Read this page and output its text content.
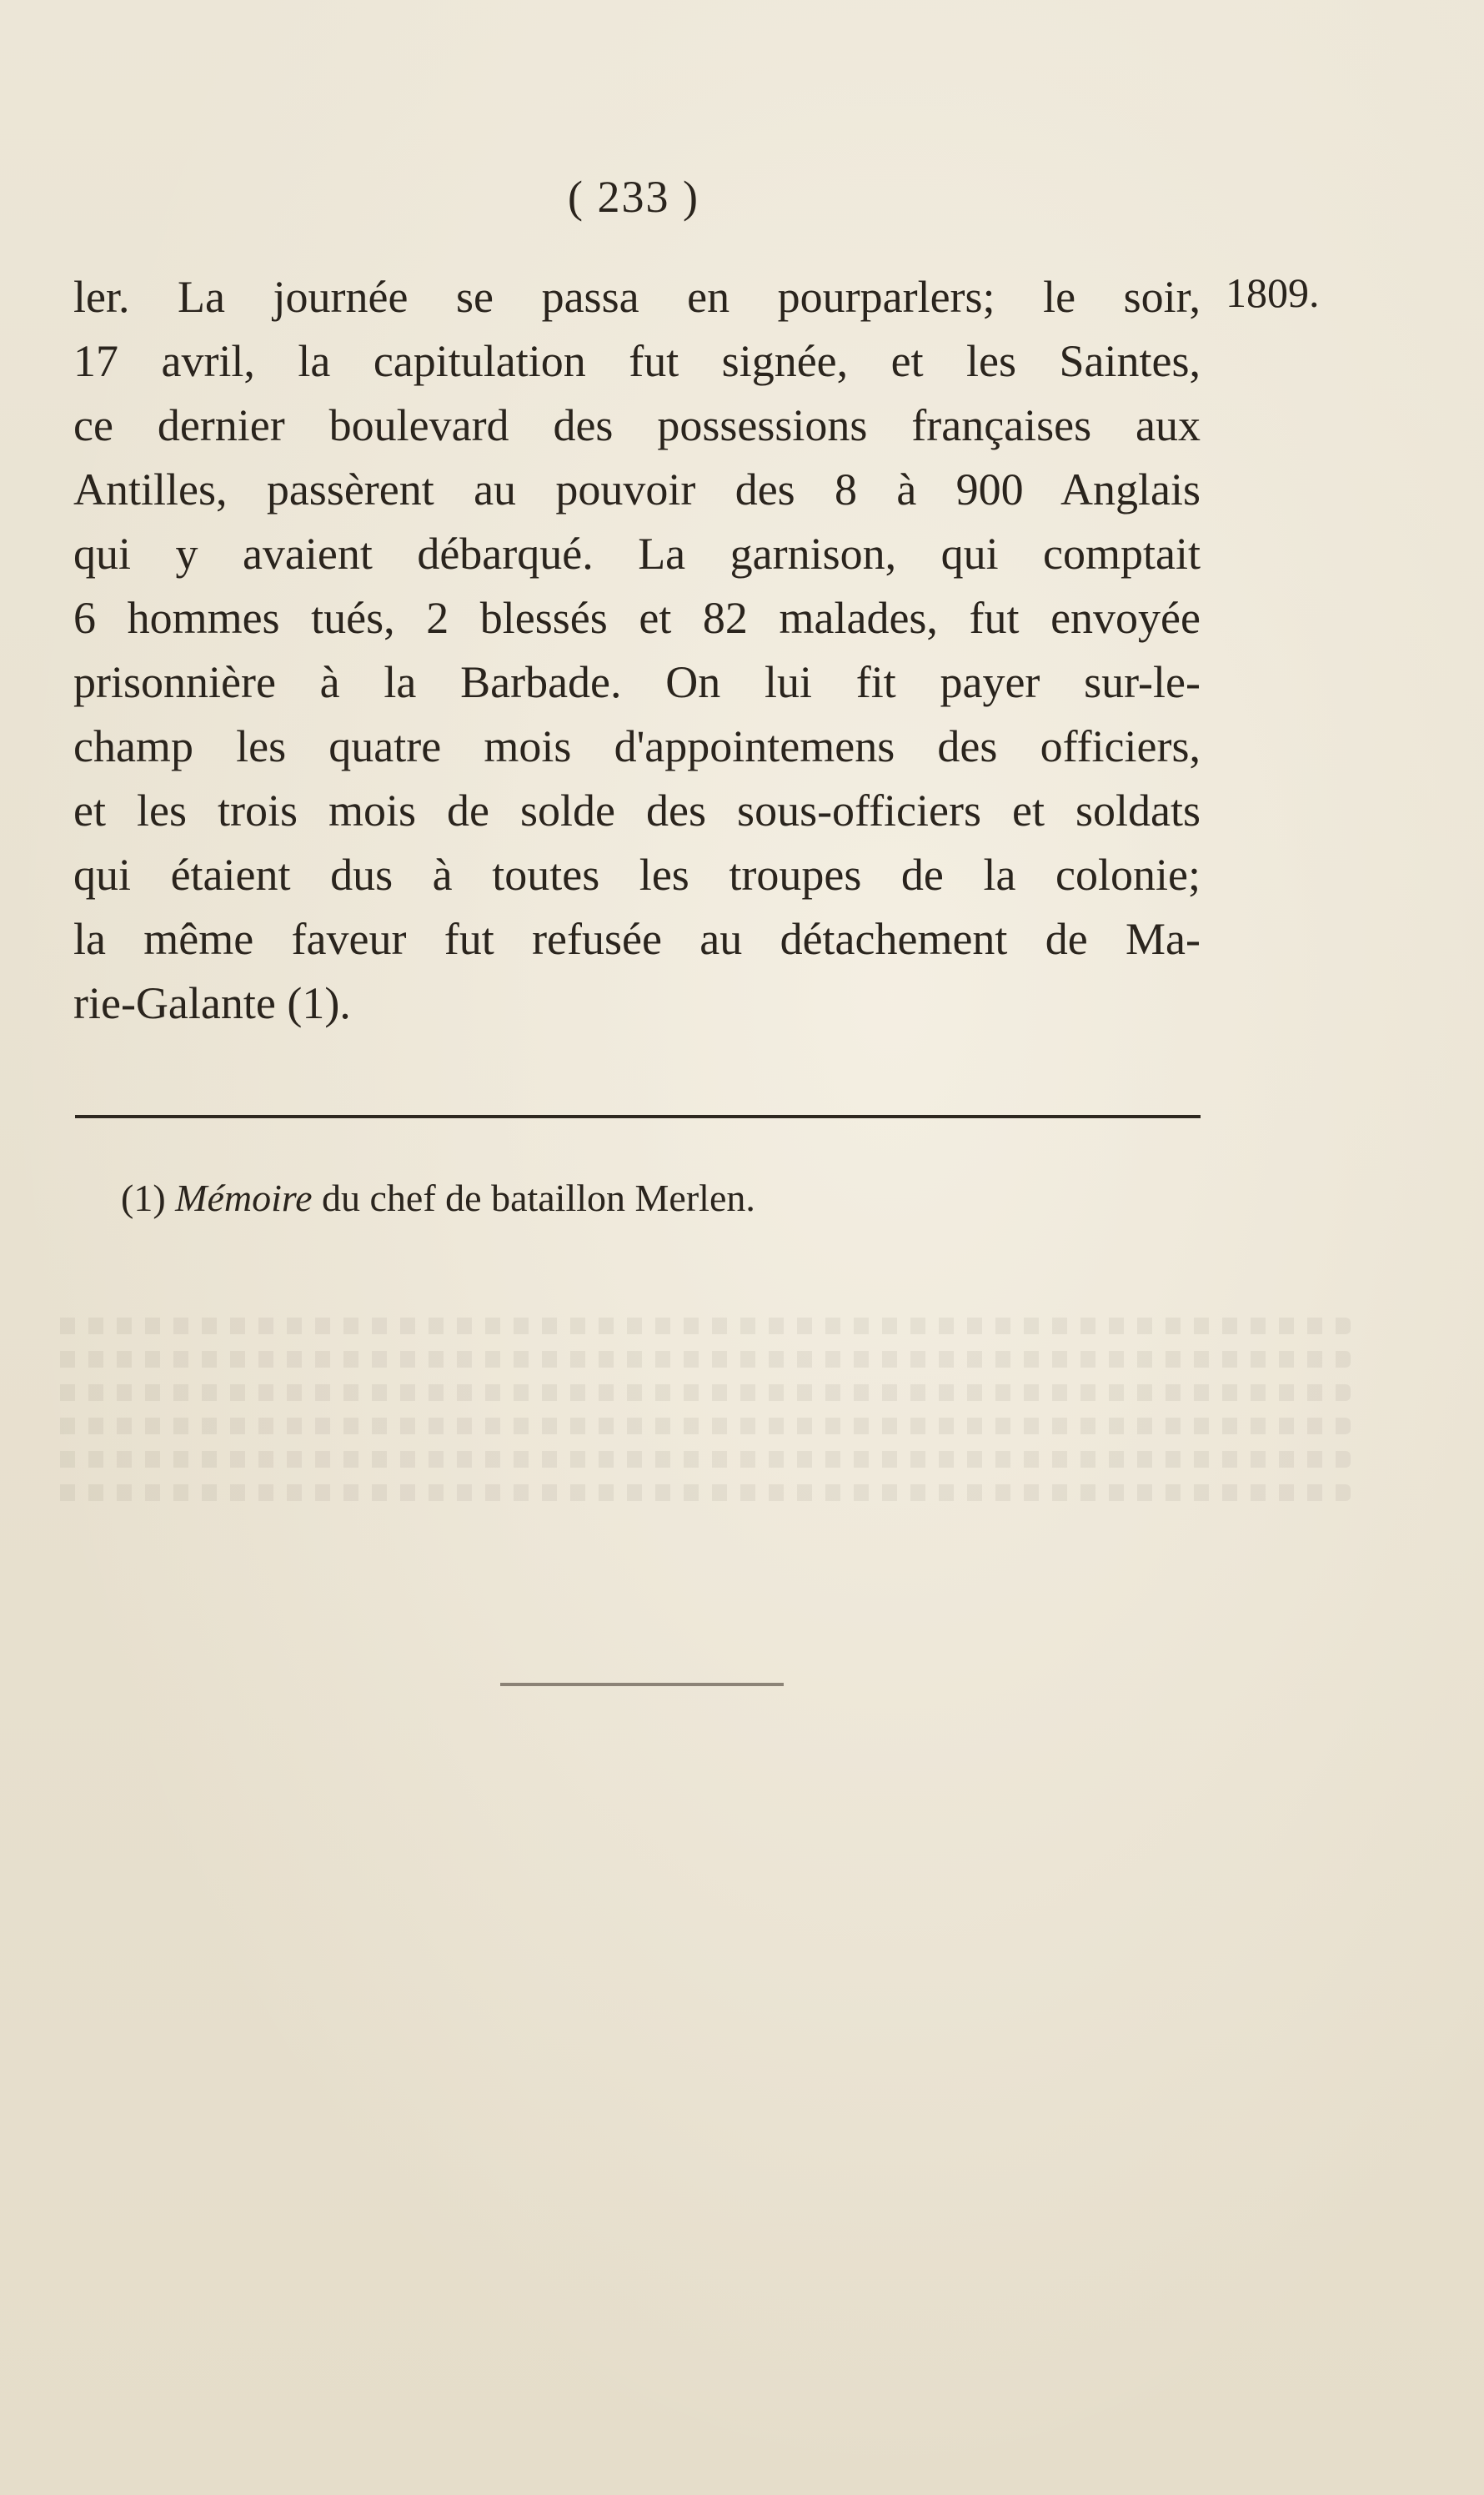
( 233 )
1809.
ler. La journée se passa en pourparlers; le soir,
17 avril, la capitulation fut signée, et les Saintes,
ce dernier boulevard des possessions françaises aux
Antilles, passèrent au pouvoir des 8 à 900 Anglais
qui y avaient débarqué. La garnison, qui comptait
6 hommes tués, 2 blessés et 82 malades, fut envoyée
prisonnière à la Barbade. On lui fit payer sur-le-
champ les quatre mois d'appointemens des officiers,
et les trois mois de solde des sous-officiers et soldats
qui étaient dus à toutes les troupes de la colonie;
la même faveur fut refusée au détachement de Ma-
rie-Galante (1).
(1) Mémoire du chef de bataillon Merlen.
